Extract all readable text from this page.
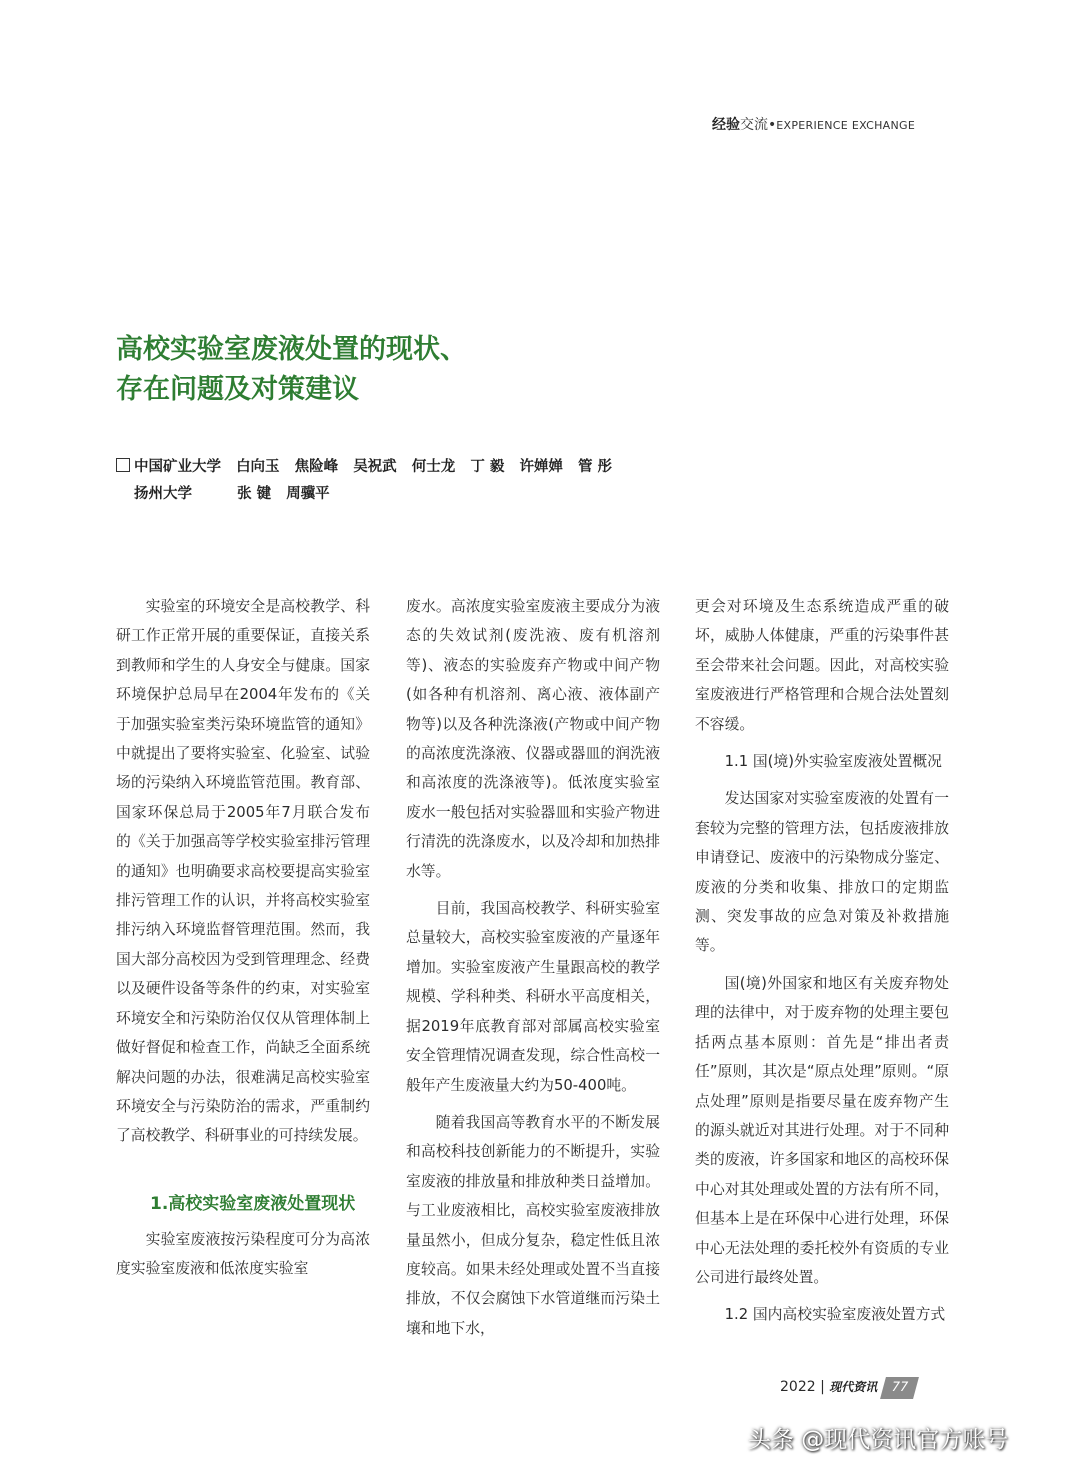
经验交流•EXPERIENCE EXCHANGE
高校实验室废液处置的现状、
存在问题及对策建议
中国矿业大学 白向玉 焦险峰 吴祝武 何士龙 丁 毅 许婵婵 管 彤
扬州大学	张 键 周骥平

实验室的环境安全是高校教学、科研工作正常开展的重要保证，直接关系到教师和学生的人身安全与健康。国家环境保护总局早在2004年发布的《关于加强实验室类污染环境监管的通知》中就提出了要将实验室、化验室、试验场的污染纳入环境监管范围。教育部、国家环保总局于2005年7月联合发布的《关于加强高等学校实验室排污管理的通知》也明确要求高校要提高实验室排污管理工作的认识，并将高校实验室排污纳入环境监督管理范围。然而，我国大部分高校因为受到管理理念、经费以及硬件设备等条件的约束，对实验室环境安全和污染防治仅仅从管理体制上做好督促和检查工作，尚缺乏全面系统解决问题的办法，很难满足高校实验室环境安全与污染防治的需求，严重制约了高校教学、科研事业的可持续发展。

1.高校实验室废液处置现状

实验室废液按污染程度可分为高浓度实验室废液和低浓度实验室

废水。高浓度实验室废液主要成分为液态的失效试剂(废洗液、废有机溶剂等)、液态的实验废弃产物或中间产物(如各种有机溶剂、离心液、液体副产物等)以及各种洗涤液(产物或中间产物的高浓度洗涤液、仪器或器皿的润洗液和高浓度的洗涤液等)。低浓度实验室废水一般包括对实验器皿和实验产物进行清洗的洗涤废水，以及冷却和加热排水等。

目前，我国高校教学、科研实验室总量较大，高校实验室废液的产量逐年增加。实验室废液产生量跟高校的教学规模、学科种类、科研水平高度相关，据2019年底教育部对部属高校实验室安全管理情况调查发现，综合性高校一般年产生废液量大约为50-400吨。

随着我国高等教育水平的不断发展和高校科技创新能力的不断提升，实验室废液的排放量和排放种类日益增加。与工业废液相比，高校实验室废液排放量虽然小，但成分复杂，稳定性低且浓度较高。如果未经处理或处置不当直接排放，不仅会腐蚀下水管道继而污染土壤和地下水，

更会对环境及生态系统造成严重的破坏，威胁人体健康，严重的污染事件甚至会带来社会问题。因此，对高校实验室废液进行严格管理和合规合法处置刻不容缓。

1.1 国(境)外实验室废液处置概况

发达国家对实验室废液的处置有一套较为完整的管理方法，包括废液排放申请登记、废液中的污染物成分鉴定、废液的分类和收集、排放口的定期监测、突发事故的应急对策及补救措施等。

国(境)外国家和地区有关废弃物处理的法律中，对于废弃物的处理主要包括两点基本原则：首先是“排出者责任”原则，其次是“原点处理”原则。“原点处理”原则是指要尽量在废弃物产生的源头就近对其进行处理。对于不同种类的废液，许多国家和地区的高校环保中心对其处理或处置的方法有所不同，但基本上是在环保中心进行处理，环保中心无法处理的委托校外有资质的专业公司进行最终处置。

1.2 国内高校实验室废液处置方式
2022 | 现代资讯 77
头条 @现代资讯官方账号
